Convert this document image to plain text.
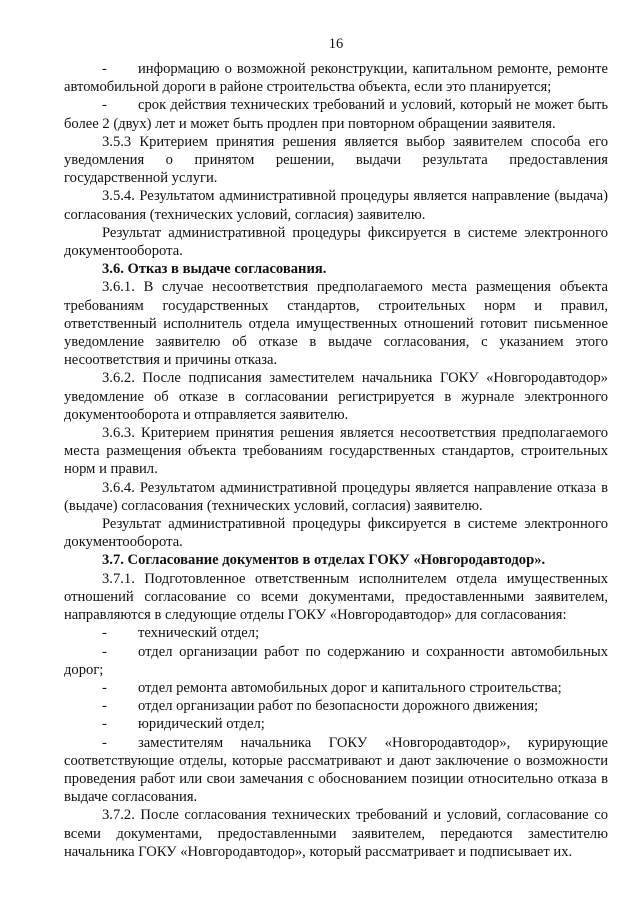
16

- информацию о возможной реконструкции, капитальном ремонте, ремонте автомобильной дороги в районе строительства объекта, если это планируется;

- срок действия технических требований и условий, который не может быть более 2 (двух) лет и может быть продлен при повторном обращении заявителя.

3.5.3 Критерием принятия решения является выбор заявителем способа его уведомления о принятом решении, выдачи результата предоставления государственной услуги.

3.5.4. Результатом административной процедуры является направление (выдача) согласования (технических условий, согласия) заявителю.

Результат административной процедуры фиксируется в системе электронного документооборота.

3.6. Отказ в выдаче согласования.

3.6.1. В случае несоответствия предполагаемого места размещения объекта требованиям государственных стандартов, строительных норм и правил, ответственный исполнитель отдела имущественных отношений готовит письменное уведомление заявителю об отказе в выдаче согласования, с указанием этого несоответствия и причины отказа.

3.6.2. После подписания заместителем начальника ГОКУ «Новгородавтодор» уведомление об отказе в согласовании регистрируется в журнале электронного документооборота и отправляется заявителю.

3.6.3. Критерием принятия решения является несоответствия предполагаемого места размещения объекта требованиям государственных стандартов, строительных норм и правил.

3.6.4. Результатом административной процедуры является направление отказа в (выдаче) согласования (технических условий, согласия) заявителю.

Результат административной процедуры фиксируется в системе электронного документооборота.

3.7. Согласование документов в отделах ГОКУ «Новгородавтодор».

3.7.1. Подготовленное ответственным исполнителем отдела имущественных отношений согласование со всеми документами, предоставленными заявителем, направляются в следующие отделы ГОКУ «Новгородавтодор» для согласования:

- технический отдел;

- отдел организации работ по содержанию и сохранности автомобильных дорог;

- отдел ремонта автомобильных дорог и капитального строительства;

- отдел организации работ по безопасности дорожного движения;

- юридический отдел;

- заместителям начальника ГОКУ «Новгородавтодор», курирующие соответствующие отделы, которые рассматривают и дают заключение о возможности проведения работ или свои замечания с обоснованием позиции относительно отказа в выдаче согласования.

3.7.2. После согласования технических требований и условий, согласование со всеми документами, предоставленными заявителем, передаются заместителю начальника ГОКУ «Новгородавтодор», который рассматривает и подписывает их.
